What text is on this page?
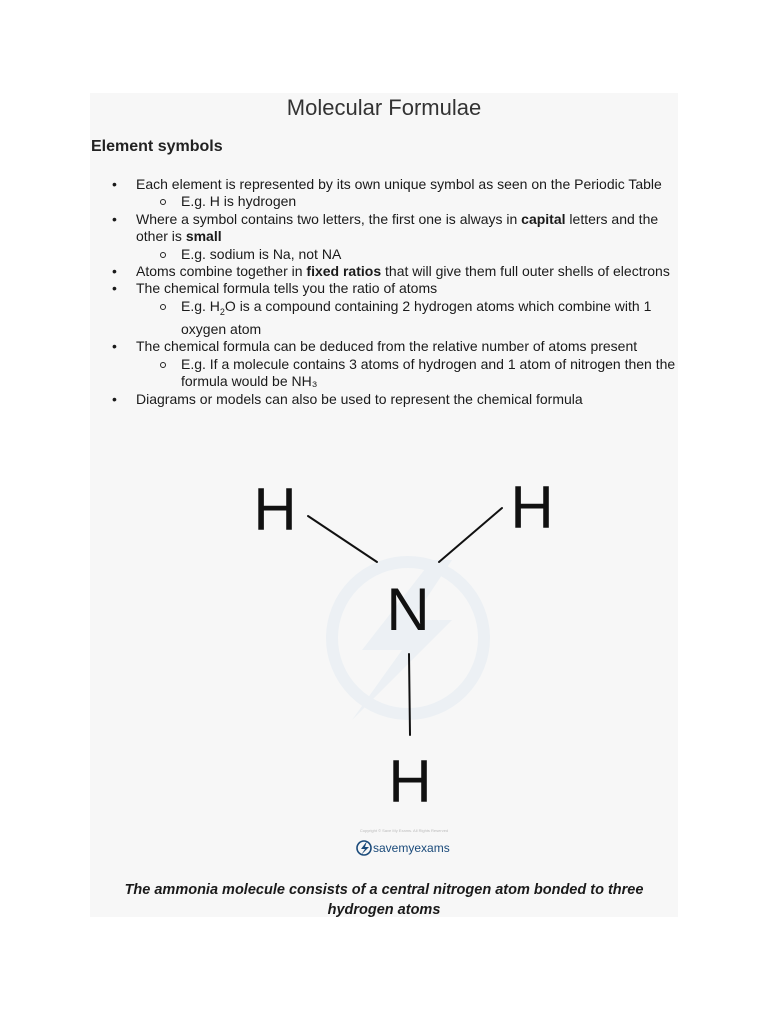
Molecular Formulae
Element symbols
• Each element is represented by its own unique symbol as seen on the Periodic Table
E.g. H is hydrogen
• Where a symbol contains two letters, the first one is always in capital letters and the other is small
E.g. sodium is Na, not NA
• Atoms combine together in fixed ratios that will give them full outer shells of electrons
• The chemical formula tells you the ratio of atoms
E.g. $H_2O$ is a compound containing 2 hydrogen atoms which combine with 1 oxygen atom
• The chemical formula can be deduced from the relative number of atoms present
E.g. If a molecule contains 3 atoms of hydrogen and 1 atom of nitrogen then the formula would be NH₃
• Diagrams or models can also be used to represent the chemical formula
H	H
N
H
Copyright © Save My Exams. All Rights Reserved
savemyexams
The ammonia molecule consists of a central nitrogen atom bonded to three hydrogen atoms
